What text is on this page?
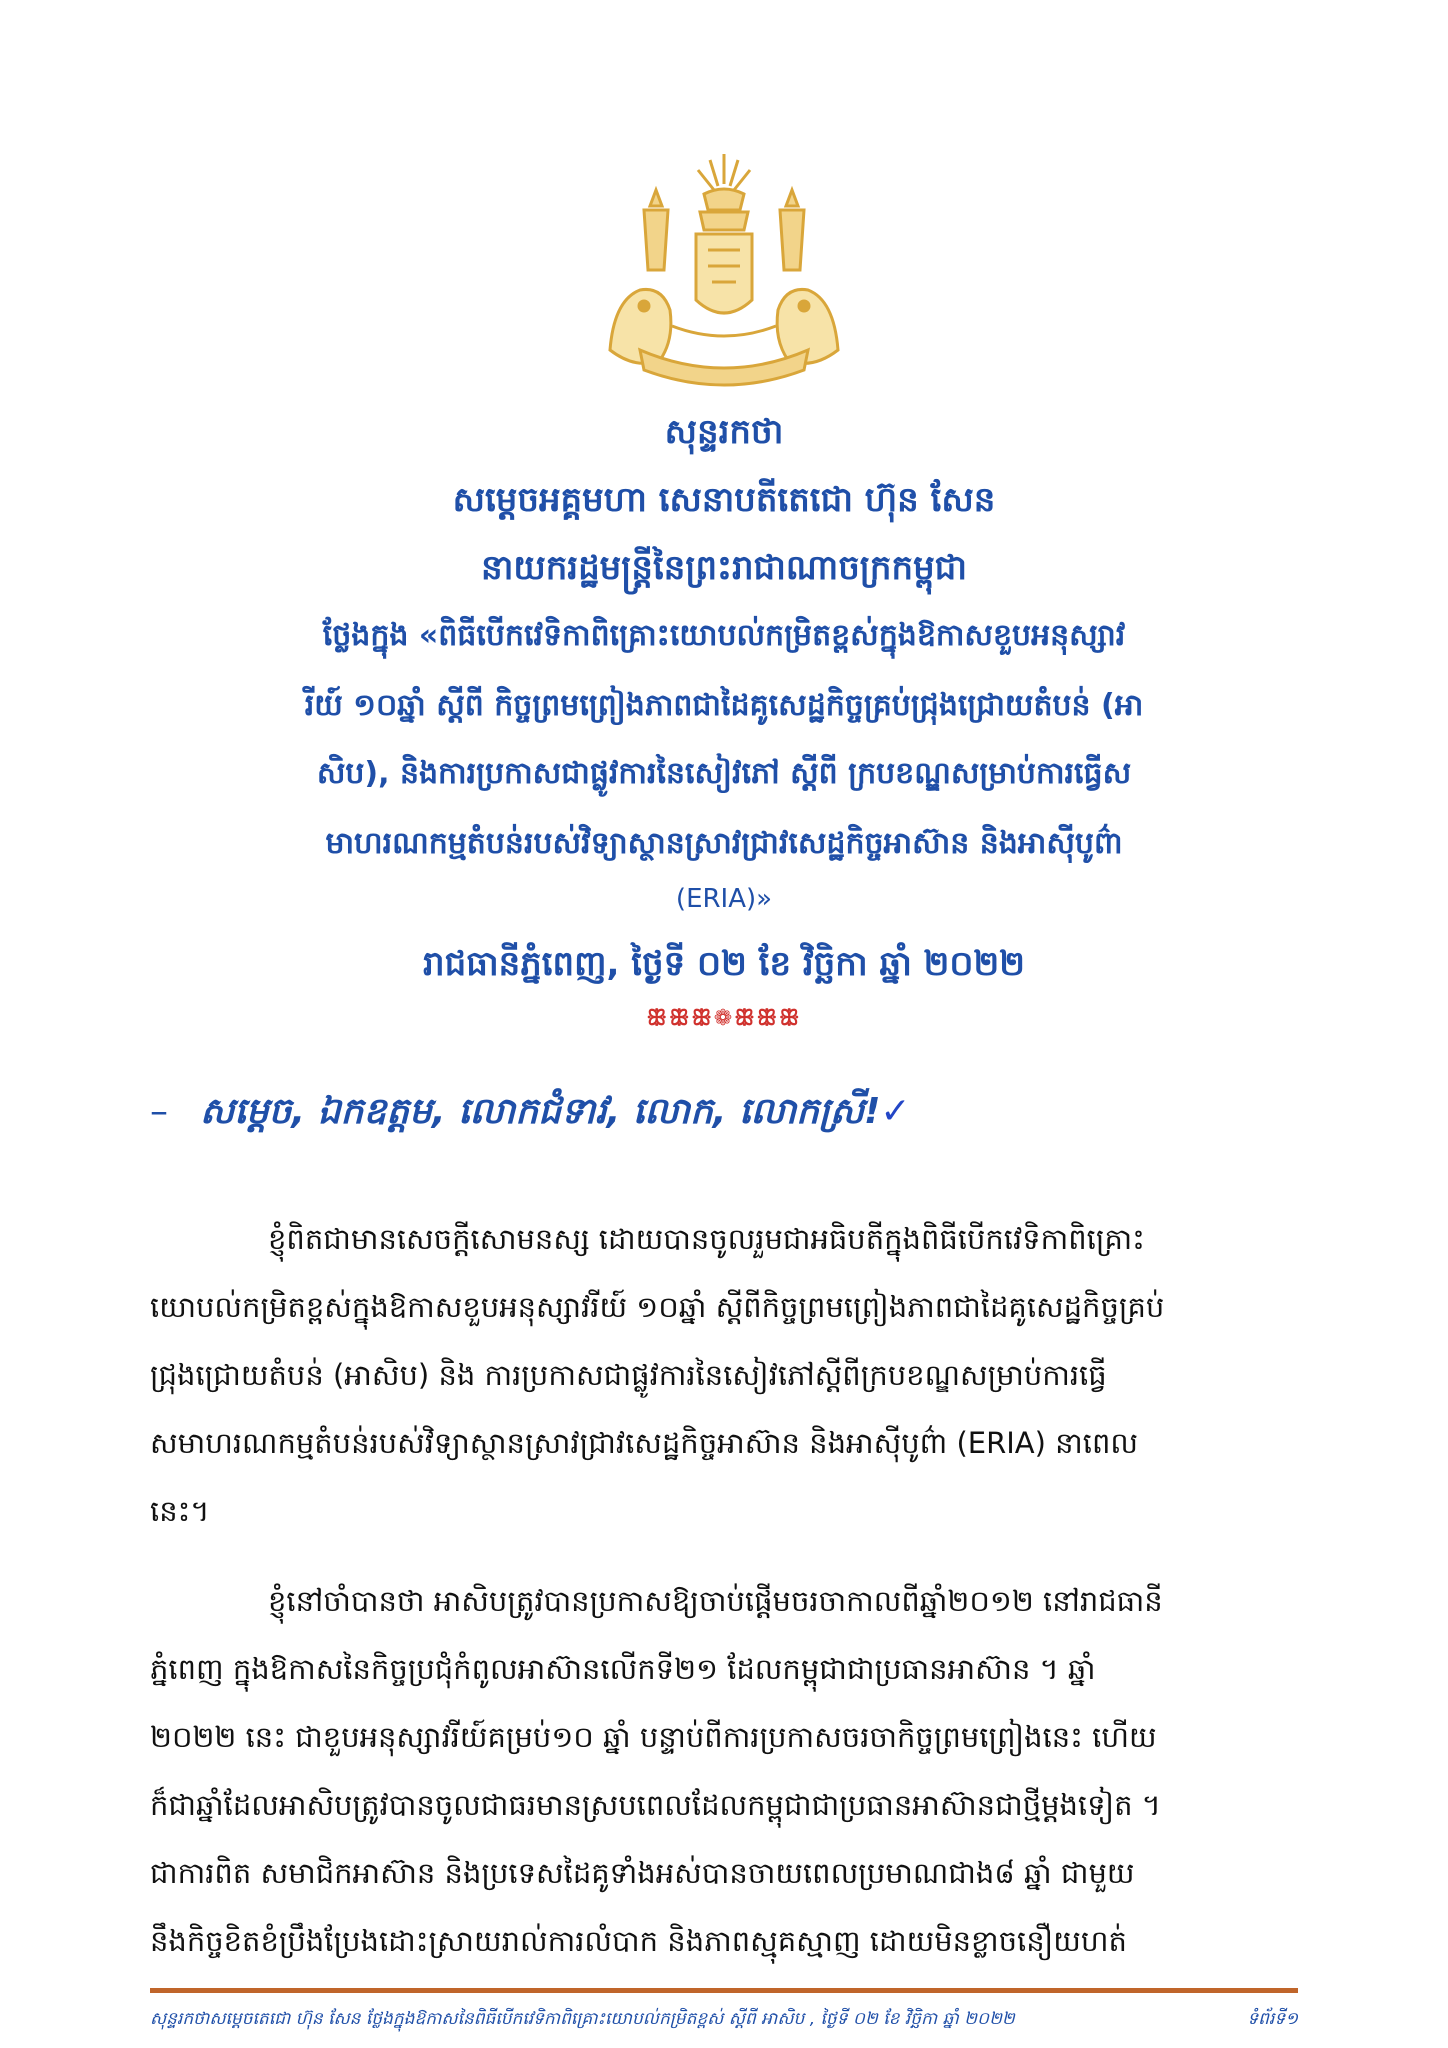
សុន្ទរកថា
សម្តេចអគ្គមហា សេនាបតីតេជោ ហ៊ុន សែន
នាយករដ្ឋមន្ត្រីនៃព្រះរាជាណាចក្រកម្ពុជា
ថ្លែងក្នុង «ពិធីបើកវេទិកាពិគ្រោះយោបល់កម្រិតខ្ពស់ក្នុងឱកាសខួបអនុស្សាវ
រីយ៍ ១០ឆ្នាំ ស្តីពី កិច្ចព្រមព្រៀងភាពជាដៃគូសេដ្ឋកិច្ចគ្រប់ជ្រុងជ្រោយតំបន់ (អា
សិប), និងការប្រកាសជាផ្លូវការនៃសៀវភៅ ស្តីពី ក្របខណ្ឌសម្រាប់ការធ្វើស
មាហរណកម្មតំបន់របស់វិទ្យាស្ថានស្រាវជ្រាវសេដ្ឋកិច្ចអាស៊ាន និងអាស៊ីបូព៌ា
(ERIA)»
រាជធានីភ្នំពេញ, ថ្ងៃទី ០២ ខែ វិច្ឆិកា ឆ្នាំ ២០២២
ꕥꕥꕥ❁ꕥꕥꕥ
– សម្តេច, ឯកឧត្តម, លោកជំទាវ, លោក, លោកស្រី!✓
ខ្ញុំពិតជាមានសេចក្តីសោមនស្ស ដោយបានចូលរួមជាអធិបតីក្នុងពិធីបើកវេទិកាពិគ្រោះ
យោបល់កម្រិតខ្ពស់ក្នុងឱកាសខួបអនុស្សាវរីយ៍ ១០ឆ្នាំ ស្តីពីកិច្ចព្រមព្រៀងភាពជាដៃគូសេដ្ឋកិច្ចគ្រប់
ជ្រុងជ្រោយតំបន់ (អាសិប) និង ការប្រកាសជាផ្លូវការនៃសៀវភៅស្តីពីក្របខណ្ឌសម្រាប់ការធ្វើ
សមាហរណកម្មតំបន់របស់វិទ្យាស្ថានស្រាវជ្រាវសេដ្ឋកិច្ចអាស៊ាន និងអាស៊ីបូព៌ា (ERIA) នាពេល
នេះ។
ខ្ញុំនៅចាំបានថា អាសិបត្រូវបានប្រកាសឱ្យចាប់ផ្តើមចរចាកាលពីឆ្នាំ២០១២ នៅរាជធានី
ភ្នំពេញ ក្នុងឱកាសនៃកិច្ចប្រជុំកំពូលអាស៊ានលើកទី២១ ដែលកម្ពុជាជាប្រធានអាស៊ាន ។ ឆ្នាំ
២០២២ នេះ ជាខួបអនុស្សាវរីយ៍គម្រប់១០ ឆ្នាំ បន្ទាប់ពីការប្រកាសចរចាកិច្ចព្រមព្រៀងនេះ ហើយ
ក៏ជាឆ្នាំដែលអាសិបត្រូវបានចូលជាធរមានស្របពេលដែលកម្ពុជាជាប្រធានអាស៊ានជាថ្មីម្តងទៀត ។
ជាការពិត សមាជិកអាស៊ាន និងប្រទេសដៃគូទាំងអស់បានចាយពេលប្រមាណជាង៨ ឆ្នាំ ជាមួយ
នឹងកិច្ចខិតខំប្រឹងប្រែងដោះស្រាយរាល់ការលំបាក និងភាពស្មុគស្មាញ ដោយមិនខ្លាចនឿយហត់
សុន្ទរកថាសម្តេចតេជោ ហ៊ុន សែន ថ្លែងក្នុងឱកាសនៃពិធីបើកវេទិកាពិគ្រោះយោបល់កម្រិតខ្ពស់ ស្តីពី អាសិប , ថ្ងៃទី ០២ ខែ វិច្ឆិកា ឆ្នាំ ២០២២	ទំព័រទី១
